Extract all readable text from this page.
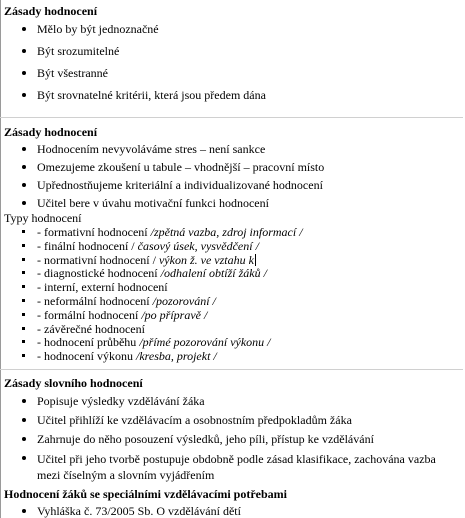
Zásady hodnocení
Mělo by být jednoznačné
Být srozumitelné
Být všestranné
Být srovnatelné kritérii, která jsou předem dána
Zásady hodnocení
Hodnocením nevyvoláváme stres – není sankce
Omezujeme zkoušení u tabule – vhodnější – pracovní místo
Upřednostňujeme kriteriální a individualizované hodnocení
Učitel bere v úvahu motivační funkci hodnocení
Typy hodnocení
- formativní hodnocení /zpětná vazba, zdroj informací /
- finální hodnocení / časový úsek, vysvědčení /
- normativní hodnocení / výkon ž. ve vztahu k
- diagnostické hodnocení /odhalení obtíží žáků /
- interní, externí hodnocení
- neformální hodnocení /pozorování /
- formální hodnocení /po přípravě /
- závěrečné hodnocení
- hodnocení průběhu /přímé pozorování výkonu /
- hodnocení výkonu /kresba, projekt /
Zásady slovního hodnocení
Popisuje výsledky vzdělávání žáka
Učitel přihlíží ke vzdělávacím a osobnostním předpokladům žáka
Zahrnuje do něho posouzení výsledků, jeho píli, přístup ke vzdělávání
Učitel při jeho tvorbě postupuje obdobně podle zásad klasifikace, zachována vazba mezi číselným a slovním vyjádřením
Hodnocení žáků se speciálními vzdělávacími potřebami
Vyhláška č. 73/2005 Sb. O vzdělávání dětí
